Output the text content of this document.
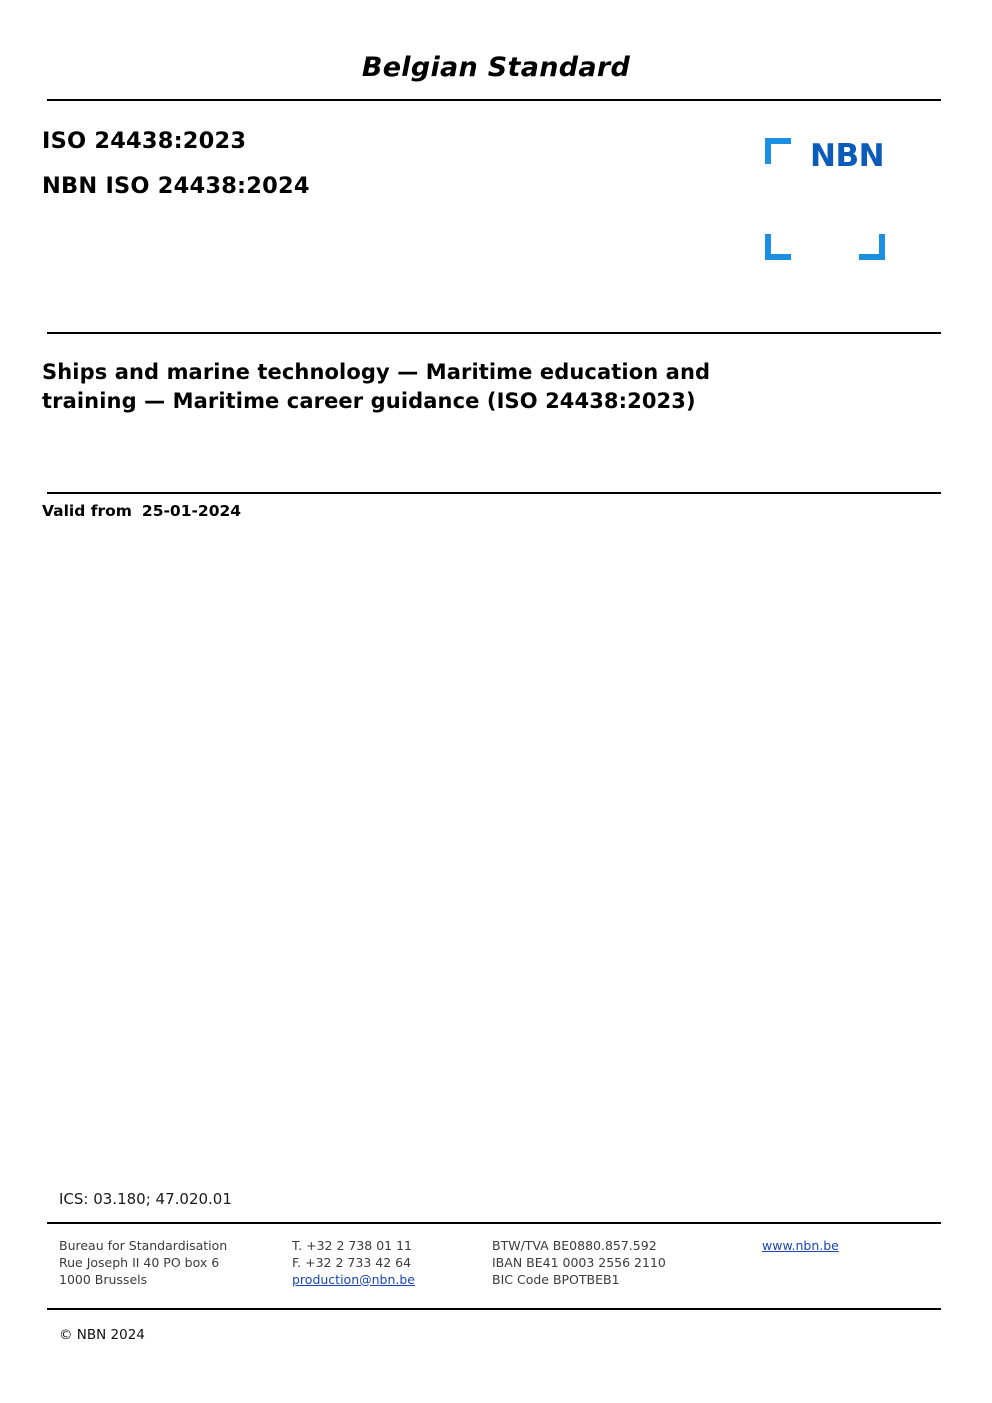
Belgian Standard
ISO 24438:2023
NBN ISO 24438:2024
NBN
Ships and marine technology — Maritime education and training — Maritime career guidance (ISO 24438:2023)
Valid from 25-01-2024
ICS: 03.180; 47.020.01
Bureau for Standardisation
Rue Joseph II 40 PO box 6
1000 Brussels
T. +32 2 738 01 11
F. +32 2 733 42 64
production@nbn.be
BTW/TVA BE0880.857.592
IBAN BE41 0003 2556 2110
BIC Code BPOTBEB1
www.nbn.be
© NBN 2024
